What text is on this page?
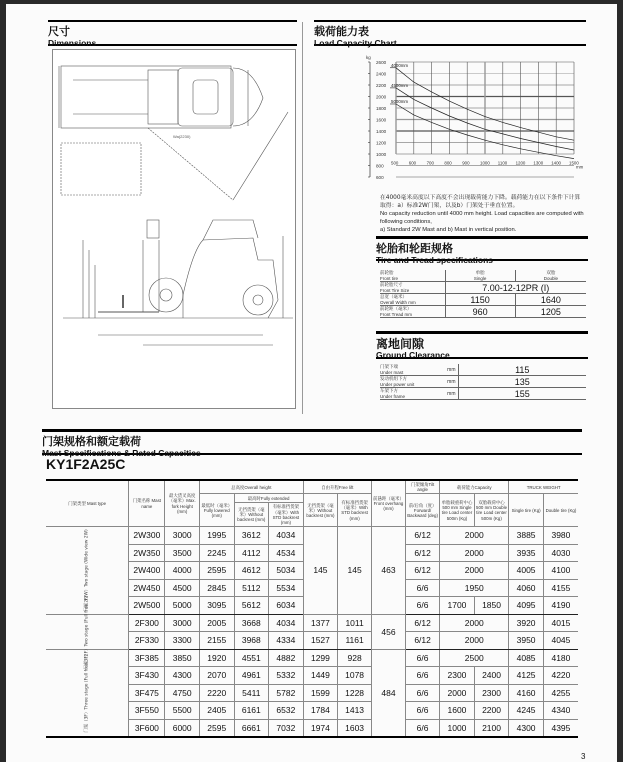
尺寸
Dimensions
Wa(2230)
载荷能力表
Load Capacity Chart
600
800
1000
1200
1400
1600
1800
2000
2200
2400
2600
500 600 700 800 900 1000 1100 1200 1300 1400 1500
kg
mm
4000mm
4500mm
5000mm
在4000毫米高度以下高度不会出现载荷能力下降。载荷能力在以下条件下计算取得：a）标准2W门架，以及b）门架处于垂直位置。
No capacity reduction until 4000 mm height. Load capacities are computed with following conditions,
a) Standard 2W Mast and b) Mast in vertical position.
轮胎和轮距规格
Tire and Tread specifications
前轮胎
Front tire	单胎
Single	双胎
Double
前轮胎尺寸
Front Tire Size	7.00-12-12PR (I)	
总宽（毫米）
Overall Width mm	1150	1640
前轮距（毫米）
Front Tread mm	960	1205
离地间隙
Ground Clearance
门架下端
Under mast	mm	115
发动机组下方
Under power unit	mm	135
车架下方
Under frame	mm	155
门架规格和额定载荷
Mast Specifications & Rated Capacities
KY1F2A25C
门架类型 Mast type	门架名称 Mast name	最大货叉高度（毫米）Max. fork Height (mm)	总高度Overall height			自由升程Free lift		前悬距（毫米）Front overhang (mm)	门架倾角Tilt angle	载荷能力Capacity		TRUCK WEIGHT	
			最低时（毫米）Fully lowered (mm)	最高时Fully extended		无挡货架（毫米）Without backrest (mm)	有标准挡货架（毫米）With STD backrest (mm)		前/后角（度）Forward/ Backward (deg)	单胎载重荷中心500 mm Single tire Load center 500m (Kg)	双胎载荷中心500 mm Double tire Load center 500m (Kg)	Single tire (Kg)	Double tire (Kg)
				无挡货架（毫米）Without backrest (mm)	有标准挡货架（毫米）With STD backrest (mm)								
门架（2W）Two stage (Wide view 2W)	2W300	3000	1995	3612	4034	145	145	463	6/12	2000		3885	3980
	2W350	3500	2245	4112	4534				6/12	2000		3935	4030
	2W400	4000	2595	4612	5034				6/12	2000		4005	4100
	2W450	4500	2845	5112	5534				6/6	1950		4060	4155
	2W500	5000	3095	5612	6034				6/6	1700	1850	4095	4190
门架（2F）Two stage (Full free 2F)	2F300	3000	2005	3668	4034	1377	1011	456	6/12	2000		3920	4015
	2F330	3300	2155	3968	4334	1527	1161		6/12	2000		3950	4045
门架（3F）Three stage (Full free 3F)	3F385	3850	1920	4551	4882	1299	928	484	6/6	2500		4085	4180
	3F430	4300	2070	4961	5332	1449	1078		6/6	2300	2400	4125	4220
	3F475	4750	2220	5411	5782	1599	1228		6/6	2000	2300	4160	4255
	3F550	5500	2405	6161	6532	1784	1413		6/6	1600	2200	4245	4340
	3F600	6000	2595	6661	7032	1974	1603		6/6	1000	2100	4300	4395
3
